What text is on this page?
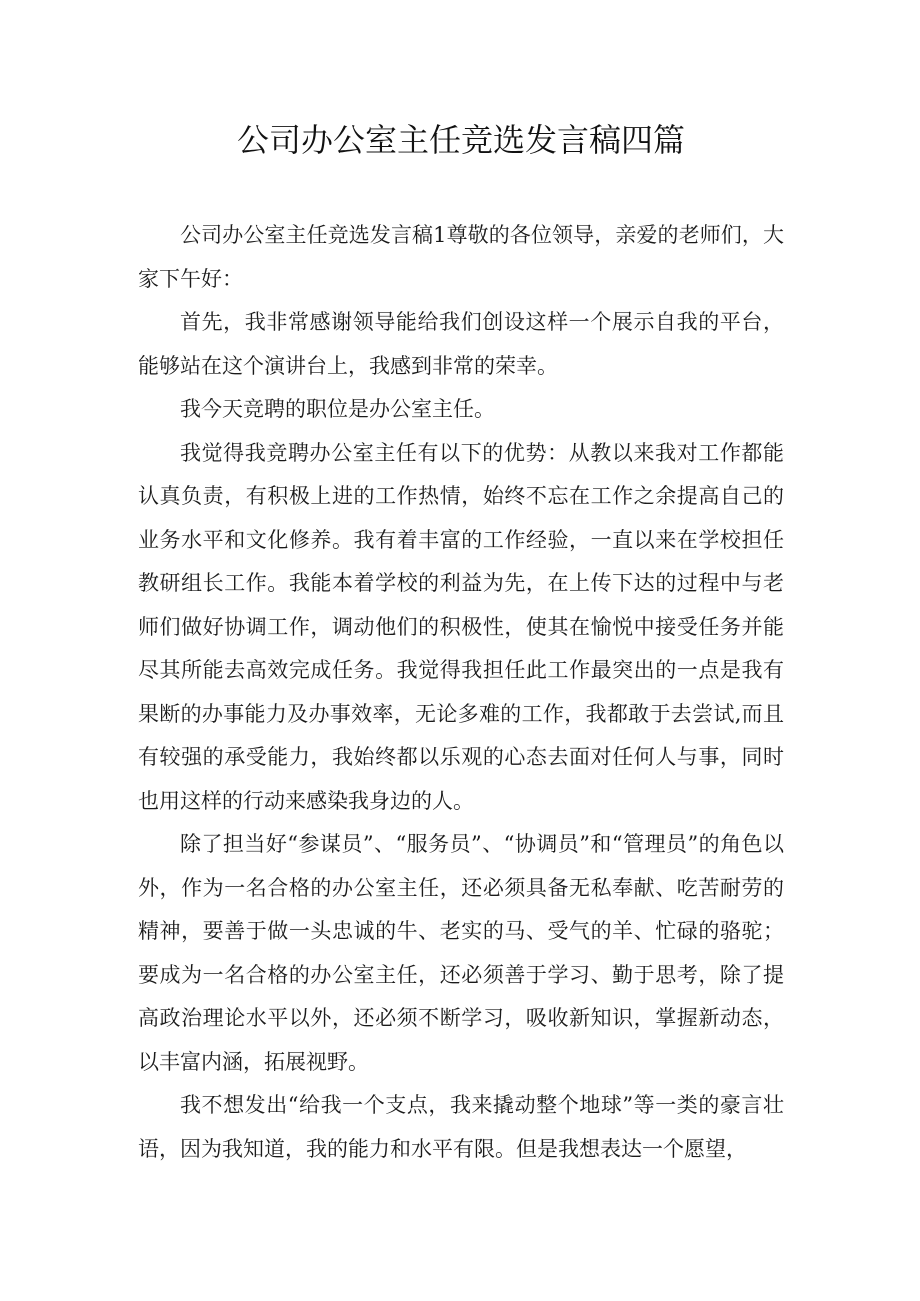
公司办公室主任竞选发言稿四篇

公司办公室主任竞选发言稿1尊敬的各位领导，亲爱的老师们，大家下午好：

首先，我非常感谢领导能给我们创设这样一个展示自我的平台，能够站在这个演讲台上，我感到非常的荣幸。

我今天竞聘的职位是办公室主任。

我觉得我竞聘办公室主任有以下的优势：从教以来我对工作都能认真负责，有积极上进的工作热情，始终不忘在工作之余提高自己的业务水平和文化修养。我有着丰富的工作经验，一直以来在学校担任教研组长工作。我能本着学校的利益为先，在上传下达的过程中与老师们做好协调工作，调动他们的积极性，使其在愉悦中接受任务并能尽其所能去高效完成任务。我觉得我担任此工作最突出的一点是我有果断的办事能力及办事效率，无论多难的工作，我都敢于去尝试,而且有较强的承受能力，我始终都以乐观的心态去面对任何人与事，同时也用这样的行动来感染我身边的人。

除了担当好“参谋员”、“服务员”、“协调员”和“管理员”的角色以外，作为一名合格的办公室主任，还必须具备无私奉献、吃苦耐劳的精神，要善于做一头忠诚的牛、老实的马、受气的羊、忙碌的骆驼；要成为一名合格的办公室主任，还必须善于学习、勤于思考，除了提高政治理论水平以外，还必须不断学习，吸收新知识，掌握新动态，以丰富内涵，拓展视野。

我不想发出“给我一个支点，我来撬动整个地球”等一类的豪言壮语，因为我知道，我的能力和水平有限。但是我想表达一个愿望，
